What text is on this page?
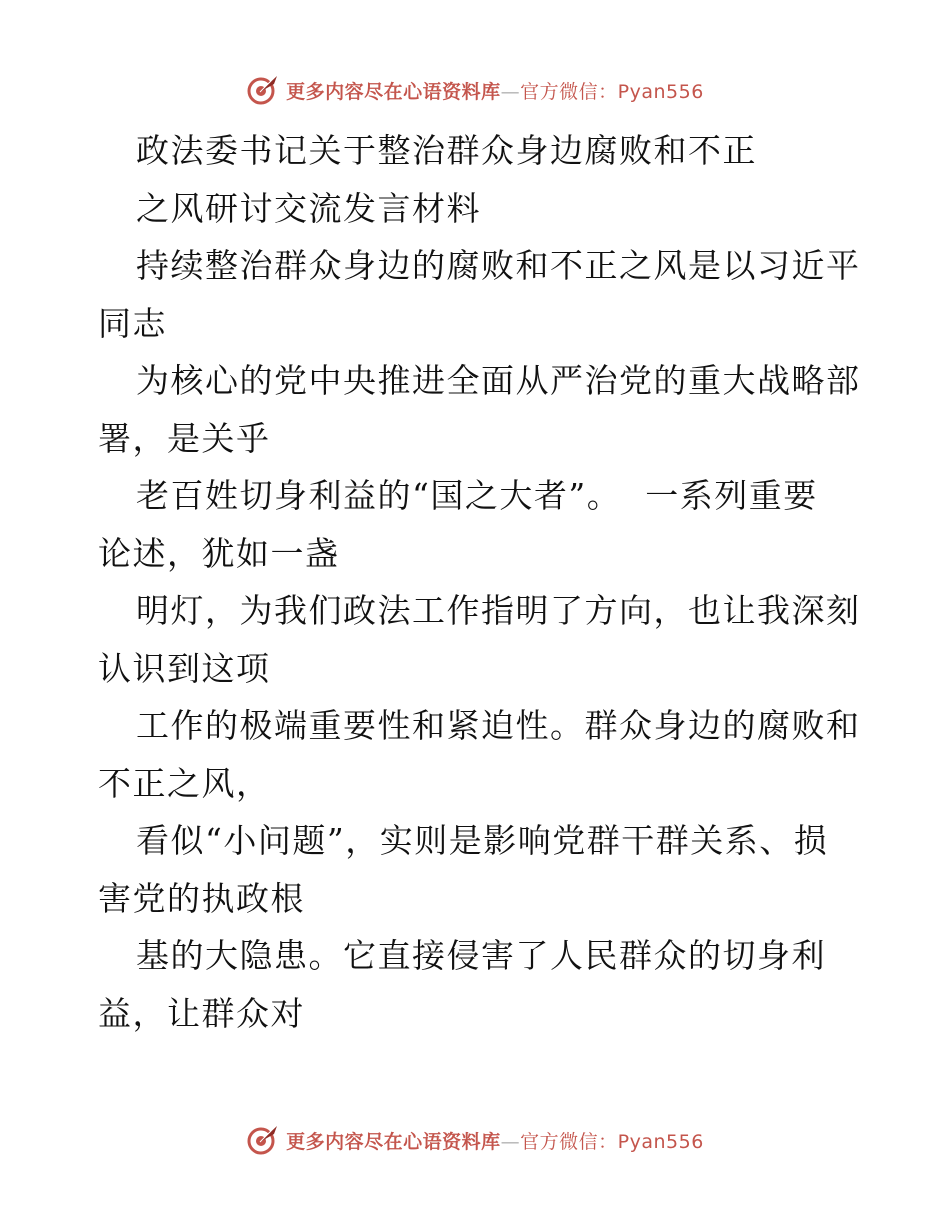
更多内容尽在心语资料库—官方微信：Pyan556
政法委书记关于整治群众身边腐败和不正
之风研讨交流发言材料
持续整治群众身边的腐败和不正之风是以习近平
同志
为核心的党中央推进全面从严治党的重大战略部
署，是关乎
老百姓切身利益的“国之大者”。  一系列重要
论述，犹如一盏
明灯，为我们政法工作指明了方向，也让我深刻
认识到这项
工作的极端重要性和紧迫性。群众身边的腐败和
不正之风，
看似“小问题”，实则是影响党群干群关系、损
害党的执政根
基的大隐患。它直接侵害了人民群众的切身利
益，让群众对
更多内容尽在心语资料库—官方微信：Pyan556
